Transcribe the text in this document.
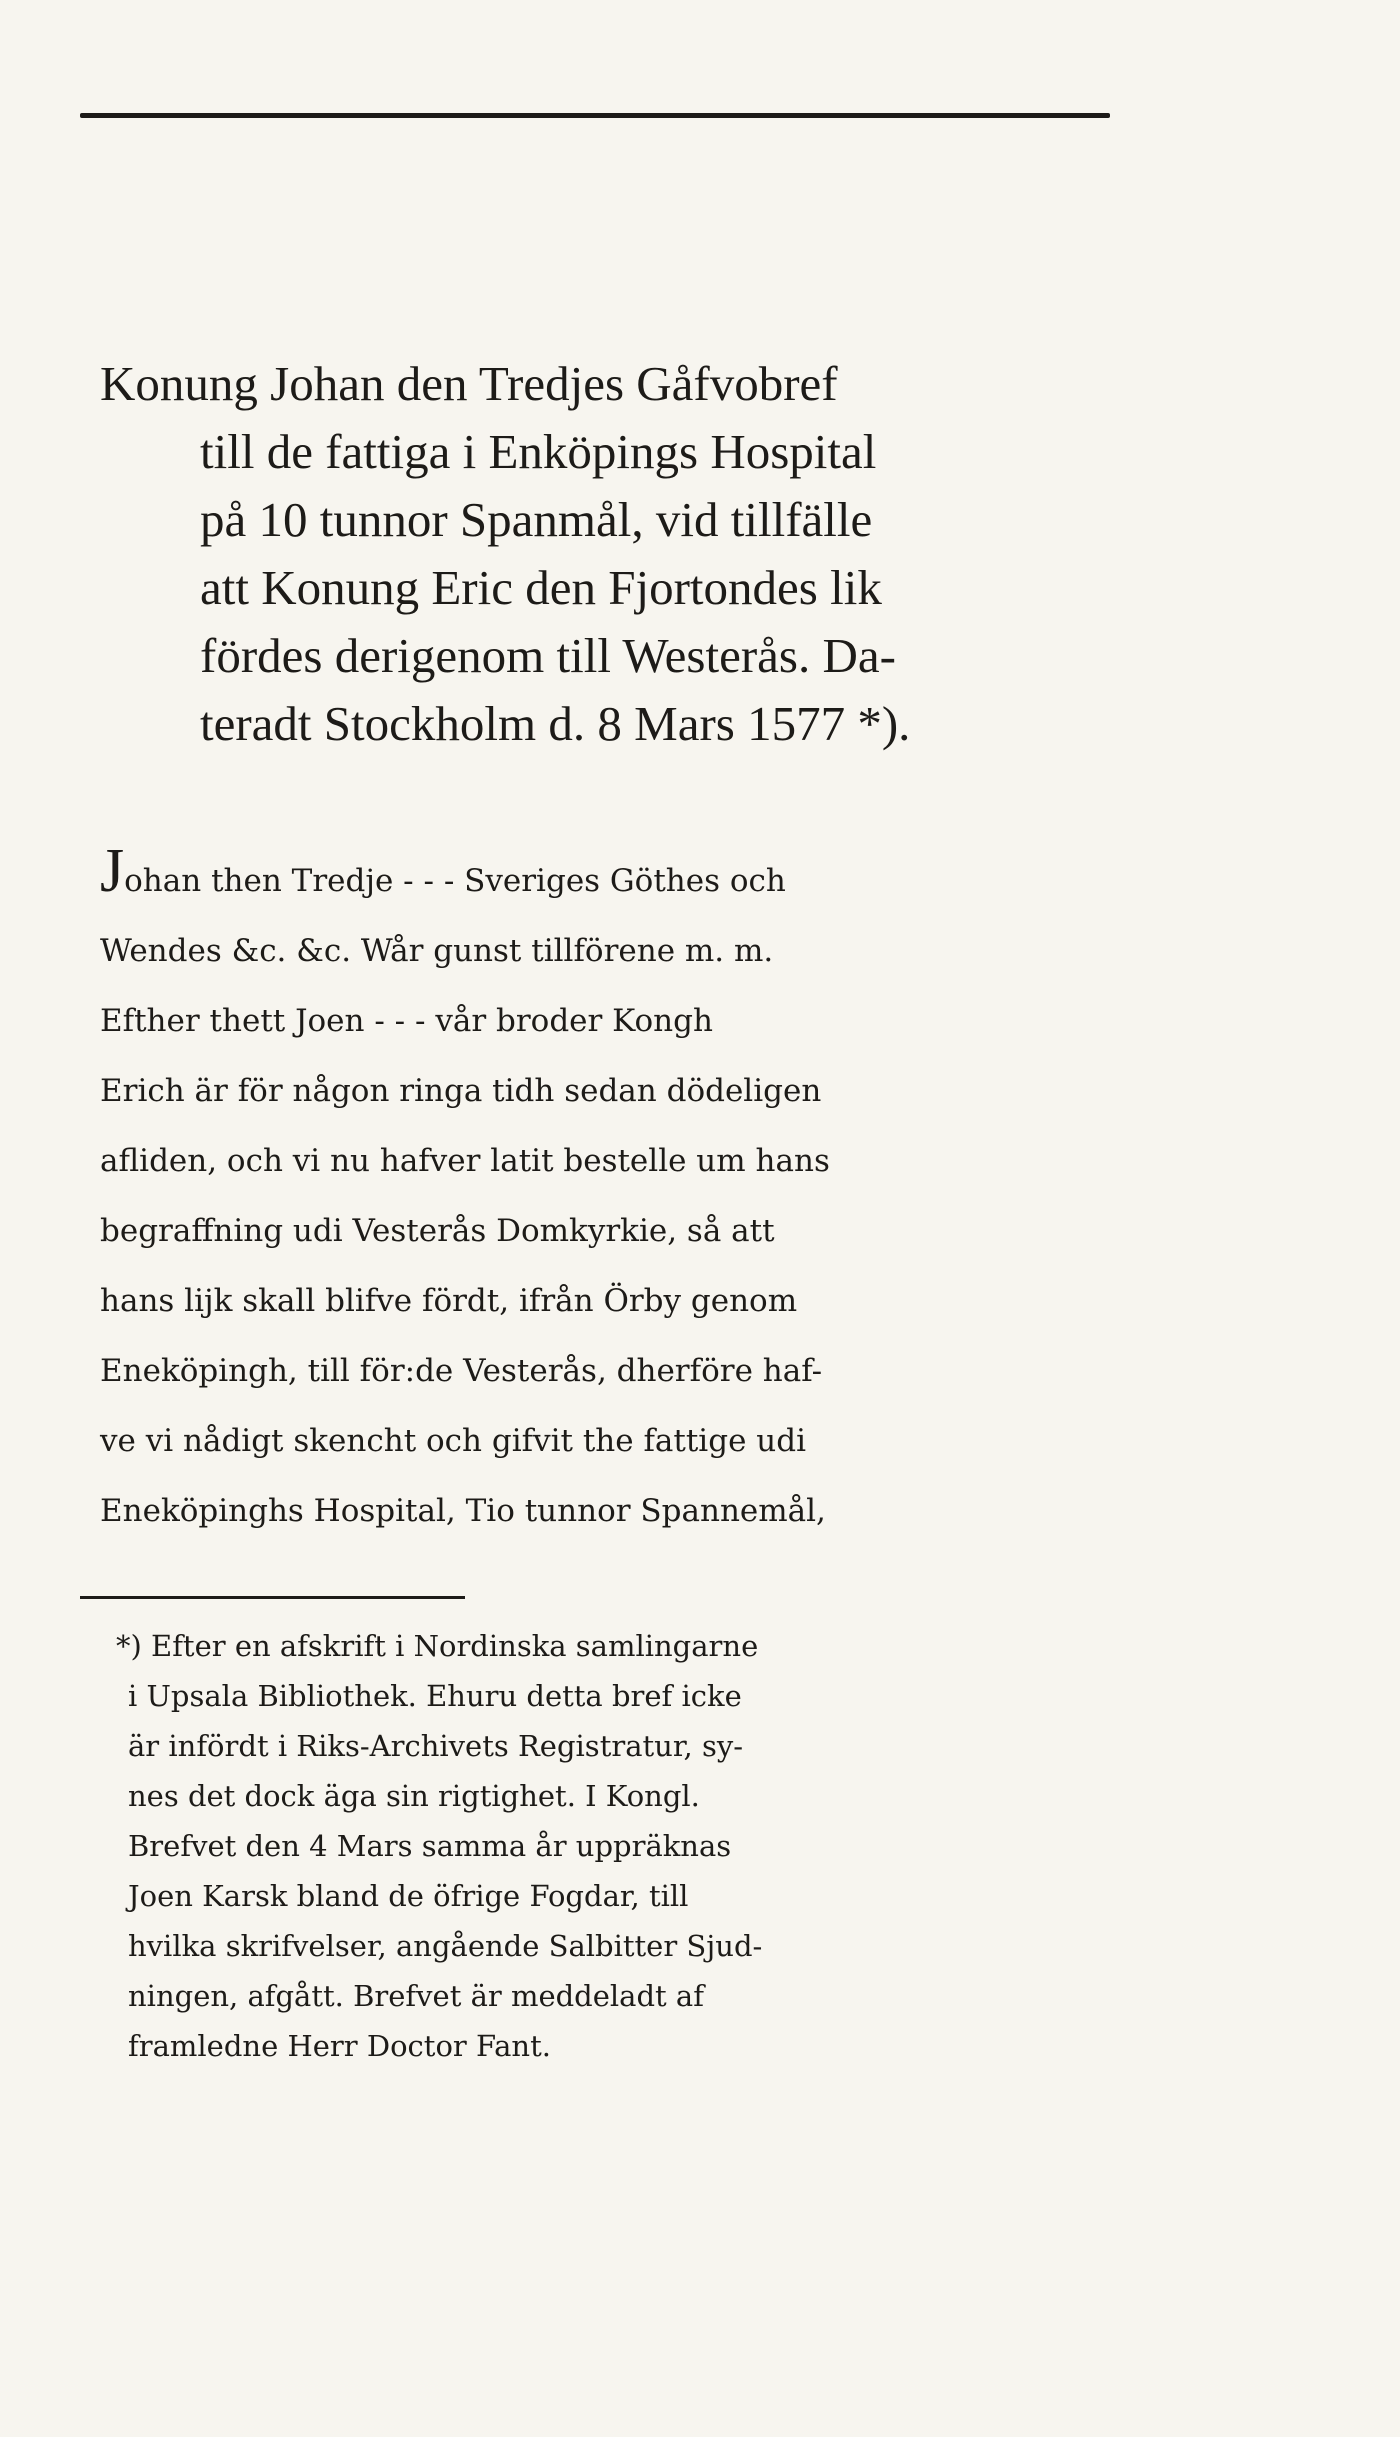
Konung Johan den Tredjes Gåfvobref
till de fattiga i Enköpings Hospital
på 10 tunnor Spanmål, vid tillfälle
att Konung Eric den Fjortondes lik
fördes derigenom till Westerås. Da-
teradt Stockholm d. 8 Mars 1577 *).
Johan then Tredje - - - Sveriges Göthes och
Wendes &c. &c. Wår gunst tillförene m. m.
Efther thett Joen - - - vår broder Kongh
Erich är för någon ringa tidh sedan dödeligen
afliden, och vi nu hafver latit bestelle um hans
begraffning udi Vesterås Domkyrkie, så att
hans lijk skall blifve fördt, ifrån Örby genom
Eneköpingh, till för:de Vesterås, dherföre haf-
ve vi nådigt skencht och gifvit the fattige udi
Eneköpinghs Hospital, Tio tunnor Spannemål,
*) Efter en afskrift i Nordinska samlingarne
i Upsala Bibliothek. Ehuru detta bref icke
är infördt i Riks-Archivets Registratur, sy-
nes det dock äga sin rigtighet. I Kongl.
Brefvet den 4 Mars samma år uppräknas
Joen Karsk bland de öfrige Fogdar, till
hvilka skrifvelser, angående Salbitter Sjud-
ningen, afgått. Brefvet är meddeladt af
framledne Herr Doctor Fant.
